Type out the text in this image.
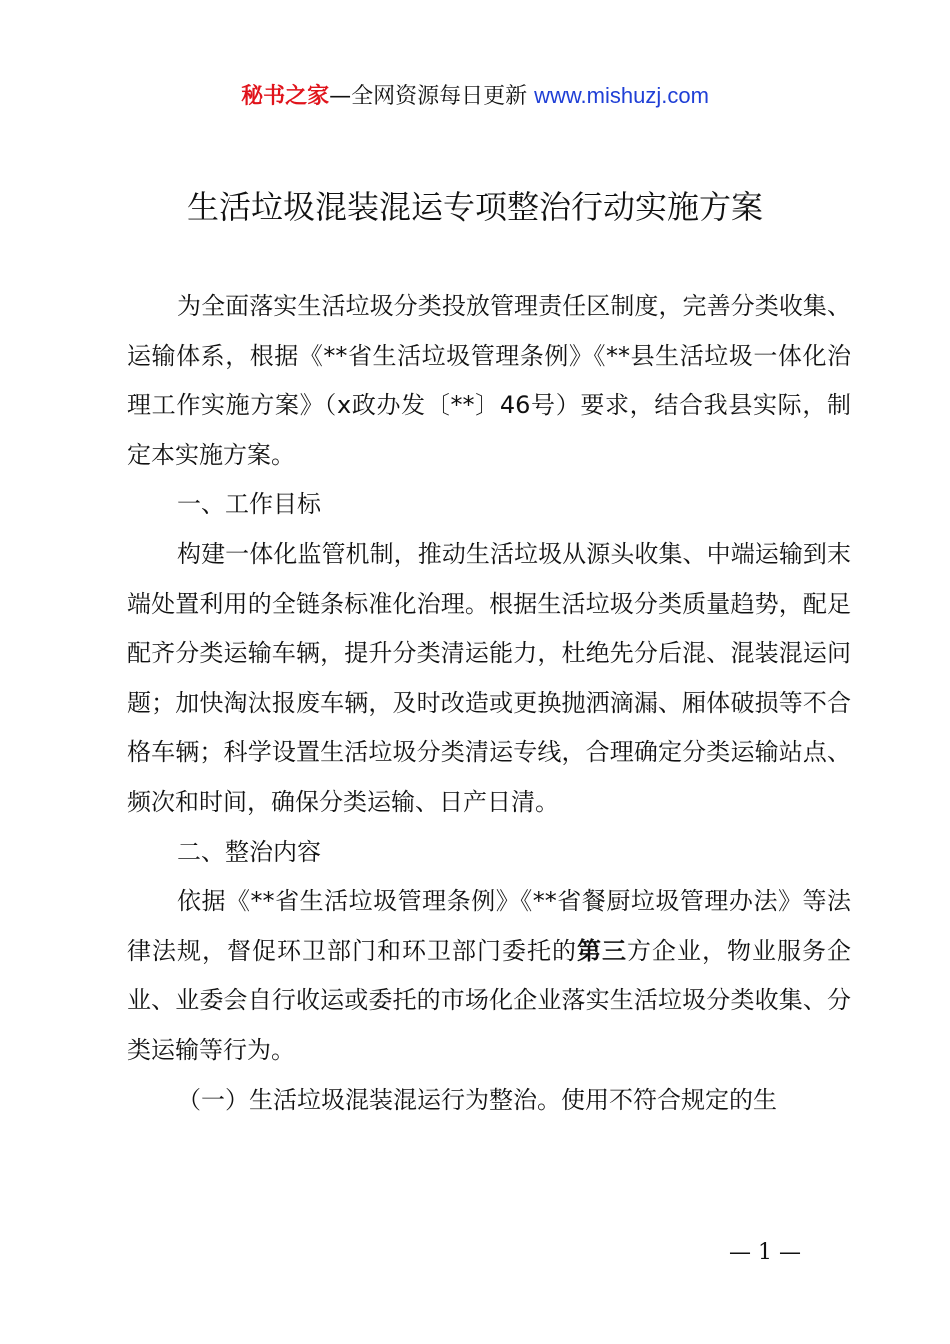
秘书之家—全网资源每日更新 www.mishuzj.com
生活垃圾混装混运专项整治行动实施方案

为全面落实生活垃圾分类投放管理责任区制度，完善分类收集、运输体系，根据《**省生活垃圾管理条例》《**县生活垃圾一体化治理工作实施方案》（x政办发〔**〕46号）要求，结合我县实际，制定本实施方案。

一、工作目标

构建一体化监管机制，推动生活垃圾从源头收集、中端运输到末端处置利用的全链条标准化治理。根据生活垃圾分类质量趋势，配足配齐分类运输车辆，提升分类清运能力，杜绝先分后混、混装混运问题；加快淘汰报废车辆，及时改造或更换抛洒滴漏、厢体破损等不合格车辆；科学设置生活垃圾分类清运专线，合理确定分类运输站点、频次和时间，确保分类运输、日产日清。

二、整治内容

依据《**省生活垃圾管理条例》《**省餐厨垃圾管理办法》等法律法规，督促环卫部门和环卫部门委托的第三方企业，物业服务企业、业委会自行收运或委托的市场化企业落实生活垃圾分类收集、分类运输等行为。

（一）生活垃圾混装混运行为整治。使用不符合规定的生

— 1 —
